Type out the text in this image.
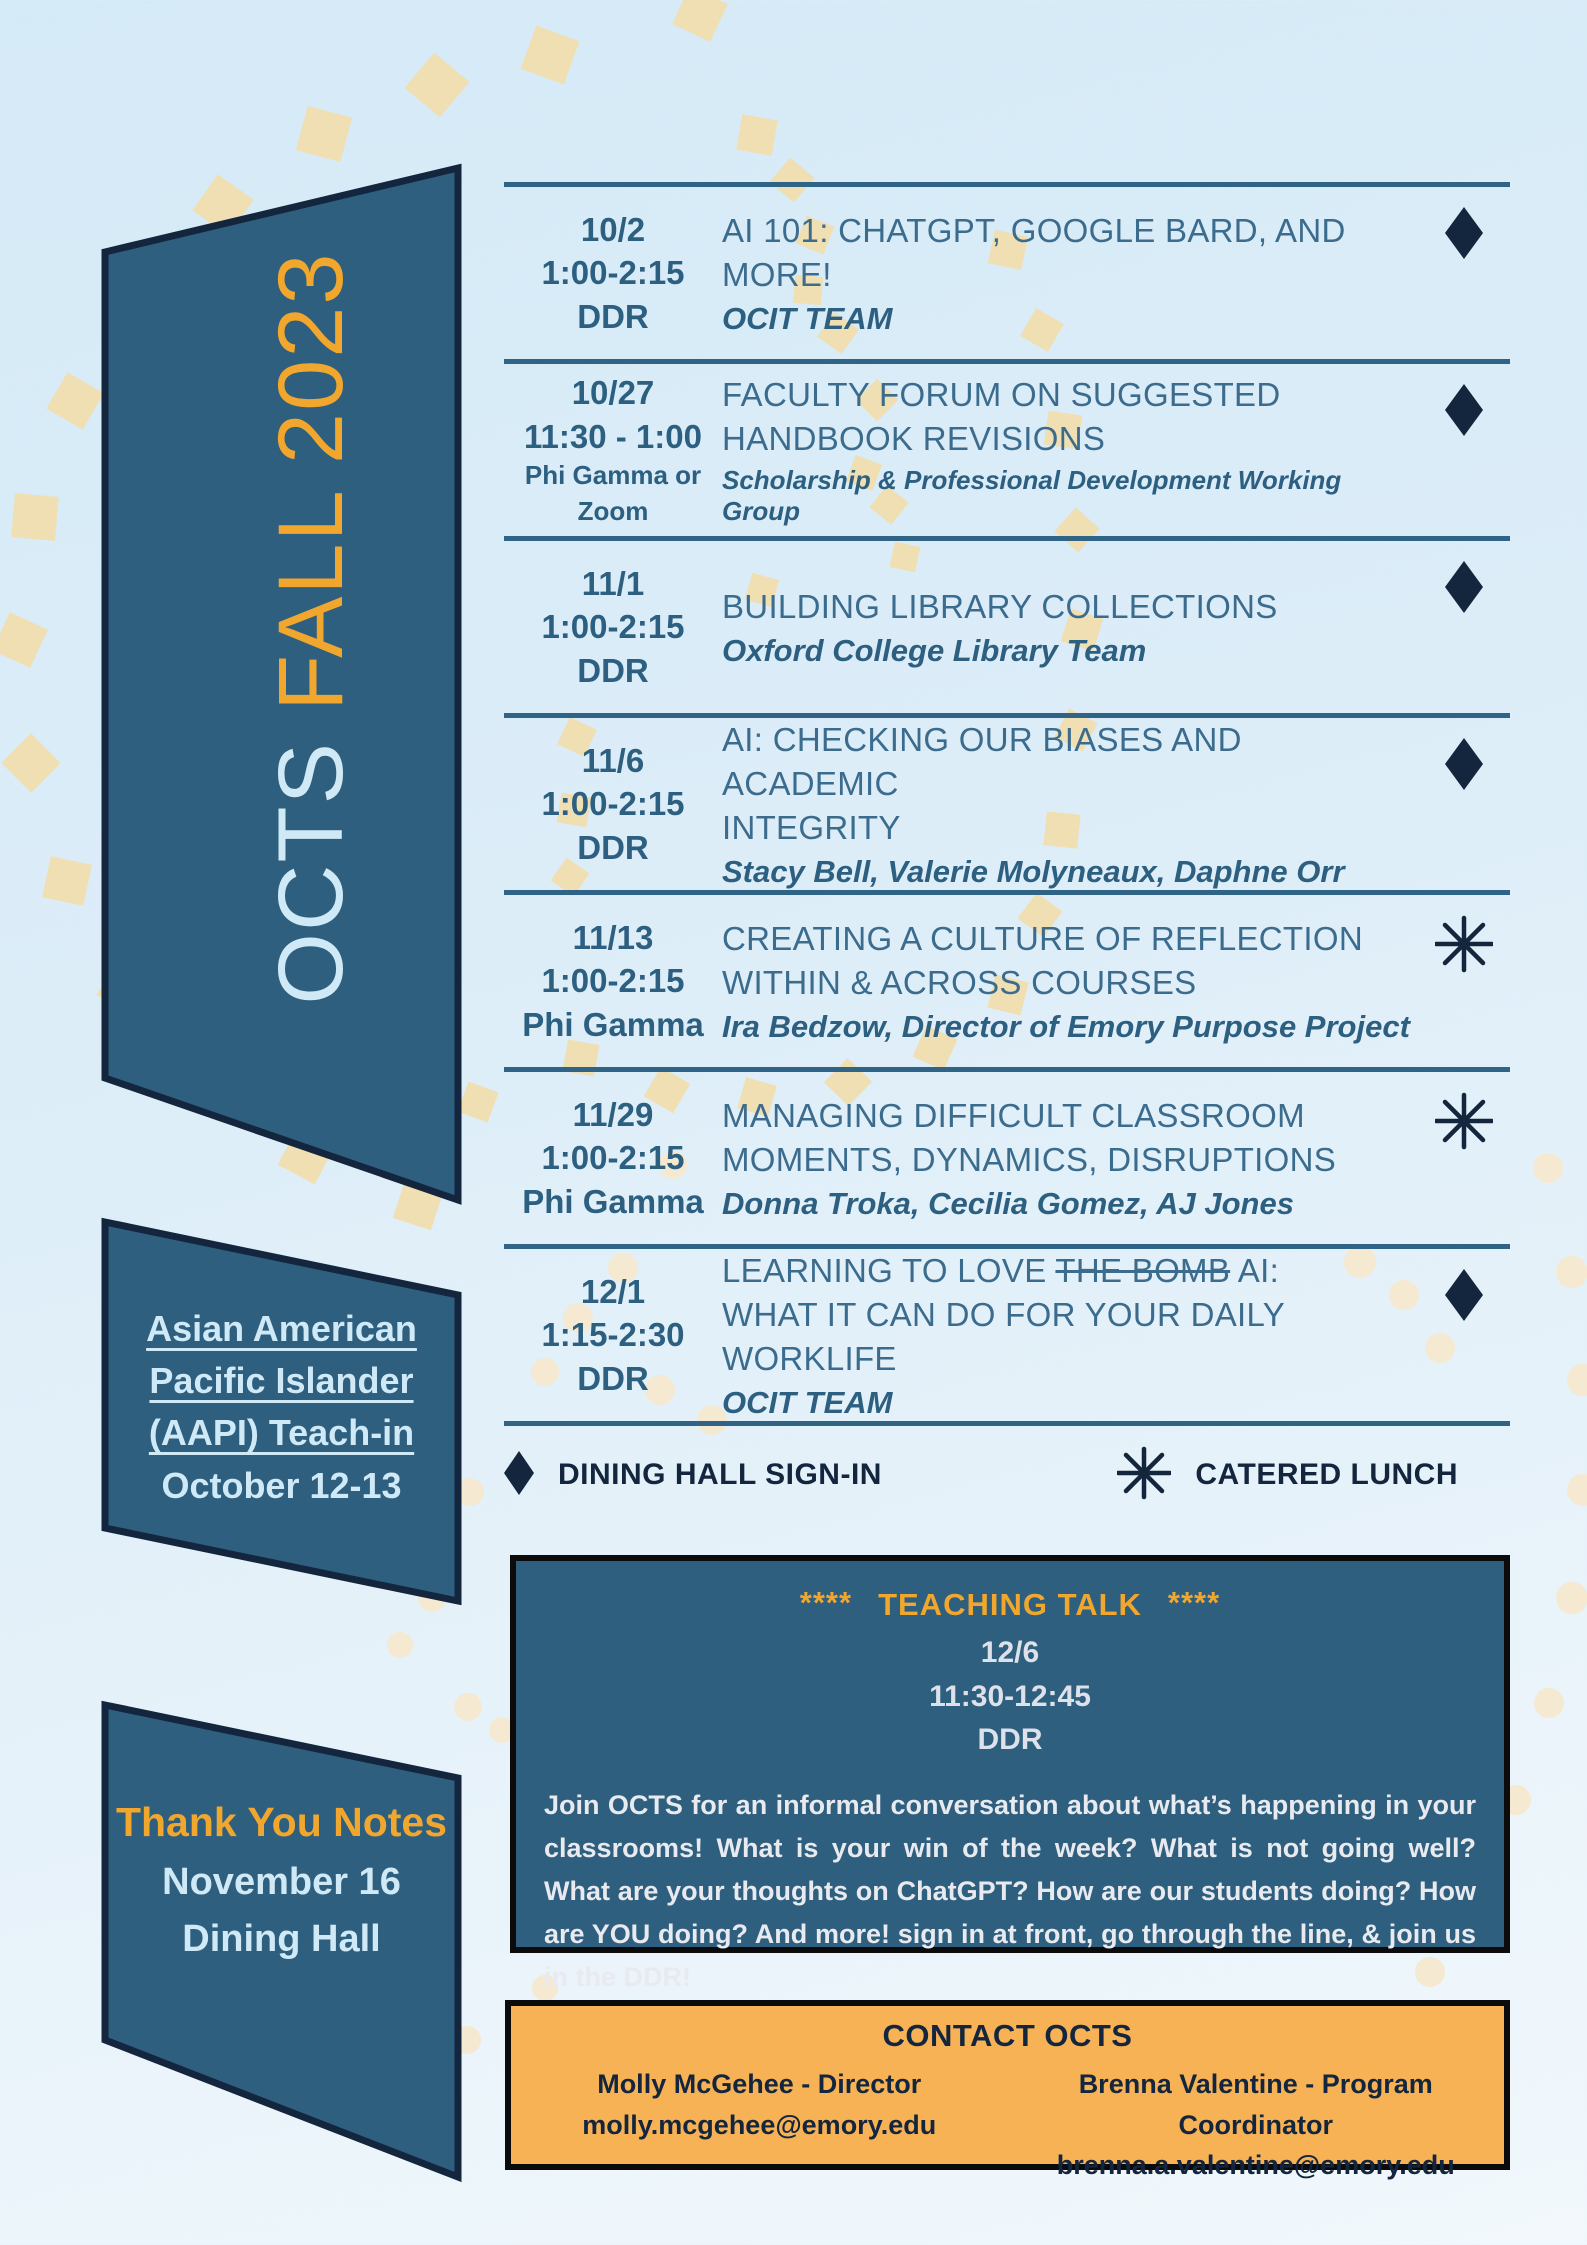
OCTSFALL 2023
Asian American
Pacific Islander
(AAPI) Teach-in
October 12-13
Thank You Notes
November 16
Dining Hall
10/2
1:00-2:15
DDR
AI 101: CHATGPT, GOOGLE BARD, AND
MORE!
OCIT TEAM
10/27
11:30 - 1:00
Phi Gamma or
Zoom
FACULTY FORUM ON SUGGESTED
HANDBOOK REVISIONS
Scholarship & Professional Development Working Group
11/1
1:00-2:15
DDR
BUILDING LIBRARY COLLECTIONS
Oxford College Library Team
11/6
1:00-2:15
DDR
AI: CHECKING OUR BIASES AND ACADEMIC
INTEGRITY
Stacy Bell, Valerie Molyneaux, Daphne Orr
11/13
1:00-2:15
Phi Gamma
CREATING A CULTURE OF REFLECTION
WITHIN & ACROSS COURSES
Ira Bedzow, Director of Emory Purpose Project
11/29
1:00-2:15
Phi Gamma
MANAGING DIFFICULT CLASSROOM
MOMENTS, DYNAMICS, DISRUPTIONS
Donna Troka, Cecilia Gomez, AJ Jones
12/1
1:15-2:30
DDR
LEARNING TO LOVE THE BOMB AI:
WHAT IT CAN DO FOR YOUR DAILY WORKLIFE
OCIT TEAM
DINING HALL SIGN-IN	CATERED LUNCH
**** TEACHING TALK ****
12/6
11:30-12:45
DDR
Join OCTS for an informal conversation about what’s happening in your classrooms! What is your win of the week? What is not going well? What are your thoughts on ChatGPT? How are our students doing? How are YOU doing? And more! sign in at front, go through the line, & join us in the DDR!
CONTACT OCTS
Molly McGehee - Director
molly.mcgehee@emory.edu
Brenna Valentine - Program Coordinator
brenna.a.valentine@emory.edu
